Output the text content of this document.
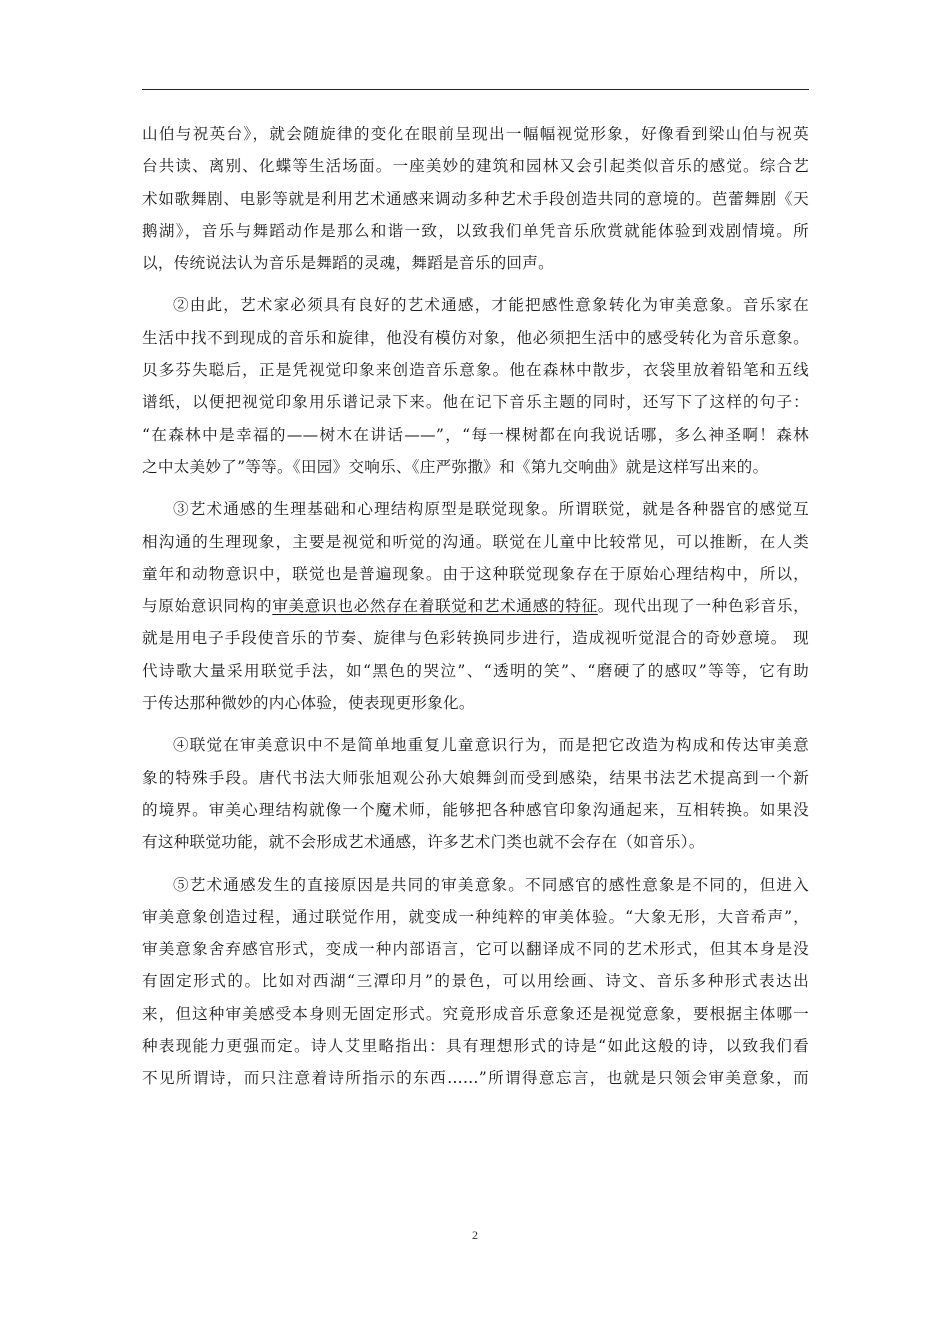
山伯与祝英台》，就会随旋律的变化在眼前呈现出一幅幅视觉形象，好像看到梁山伯与祝英
台共读、离别、化蝶等生活场面。一座美妙的建筑和园林又会引起类似音乐的感觉。综合艺
术如歌舞剧、电影等就是利用艺术通感来调动多种艺术手段创造共同的意境的。芭蕾舞剧《天
鹅湖》，音乐与舞蹈动作是那么和谐一致，以致我们单凭音乐欣赏就能体验到戏剧情境。所
以，传统说法认为音乐是舞蹈的灵魂，舞蹈是音乐的回声。
②由此，艺术家必须具有良好的艺术通感，才能把感性意象转化为审美意象。音乐家在
生活中找不到现成的音乐和旋律，他没有模仿对象，他必须把生活中的感受转化为音乐意象。
贝多芬失聪后，正是凭视觉印象来创造音乐意象。他在森林中散步，衣袋里放着铅笔和五线
谱纸，以便把视觉印象用乐谱记录下来。他在记下音乐主题的同时，还写下了这样的句子：
“在森林中是幸福的——树木在讲话——”，“每一棵树都在向我说话哪，多么神圣啊！森林
之中太美妙了”等等。《田园》交响乐、《庄严弥撒》和《第九交响曲》就是这样写出来的。
③艺术通感的生理基础和心理结构原型是联觉现象。所谓联觉，就是各种器官的感觉互
相沟通的生理现象，主要是视觉和听觉的沟通。联觉在儿童中比较常见，可以推断，在人类
童年和动物意识中，联觉也是普遍现象。由于这种联觉现象存在于原始心理结构中，所以，
与原始意识同构的审美意识也必然存在着联觉和艺术通感的特征。现代出现了一种色彩音乐，
就是用电子手段使音乐的节奏、旋律与色彩转换同步进行，造成视听觉混合的奇妙意境。 现
代诗歌大量采用联觉手法，如“黑色的哭泣”、“透明的笑”、“磨硬了的感叹”等等，它有助
于传达那种微妙的内心体验，使表现更形象化。
④联觉在审美意识中不是简单地重复儿童意识行为，而是把它改造为构成和传达审美意
象的特殊手段。唐代书法大师张旭观公孙大娘舞剑而受到感染，结果书法艺术提高到一个新
的境界。审美心理结构就像一个魔术师，能够把各种感官印象沟通起来，互相转换。如果没
有这种联觉功能，就不会形成艺术通感，许多艺术门类也就不会存在（如音乐）。
⑤艺术通感发生的直接原因是共同的审美意象。不同感官的感性意象是不同的，但进入
审美意象创造过程，通过联觉作用，就变成一种纯粹的审美体验。“大象无形，大音希声”，
审美意象舍弃感官形式，变成一种内部语言，它可以翻译成不同的艺术形式，但其本身是没
有固定形式的。比如对西湖“三潭印月”的景色，可以用绘画、诗文、音乐多种形式表达出
来，但这种审美感受本身则无固定形式。究竟形成音乐意象还是视觉意象，要根据主体哪一
种表现能力更强而定。诗人艾里略指出：具有理想形式的诗是“如此这般的诗，以致我们看
不见所谓诗，而只注意着诗所指示的东西……”所谓得意忘言，也就是只领会审美意象，而
2
